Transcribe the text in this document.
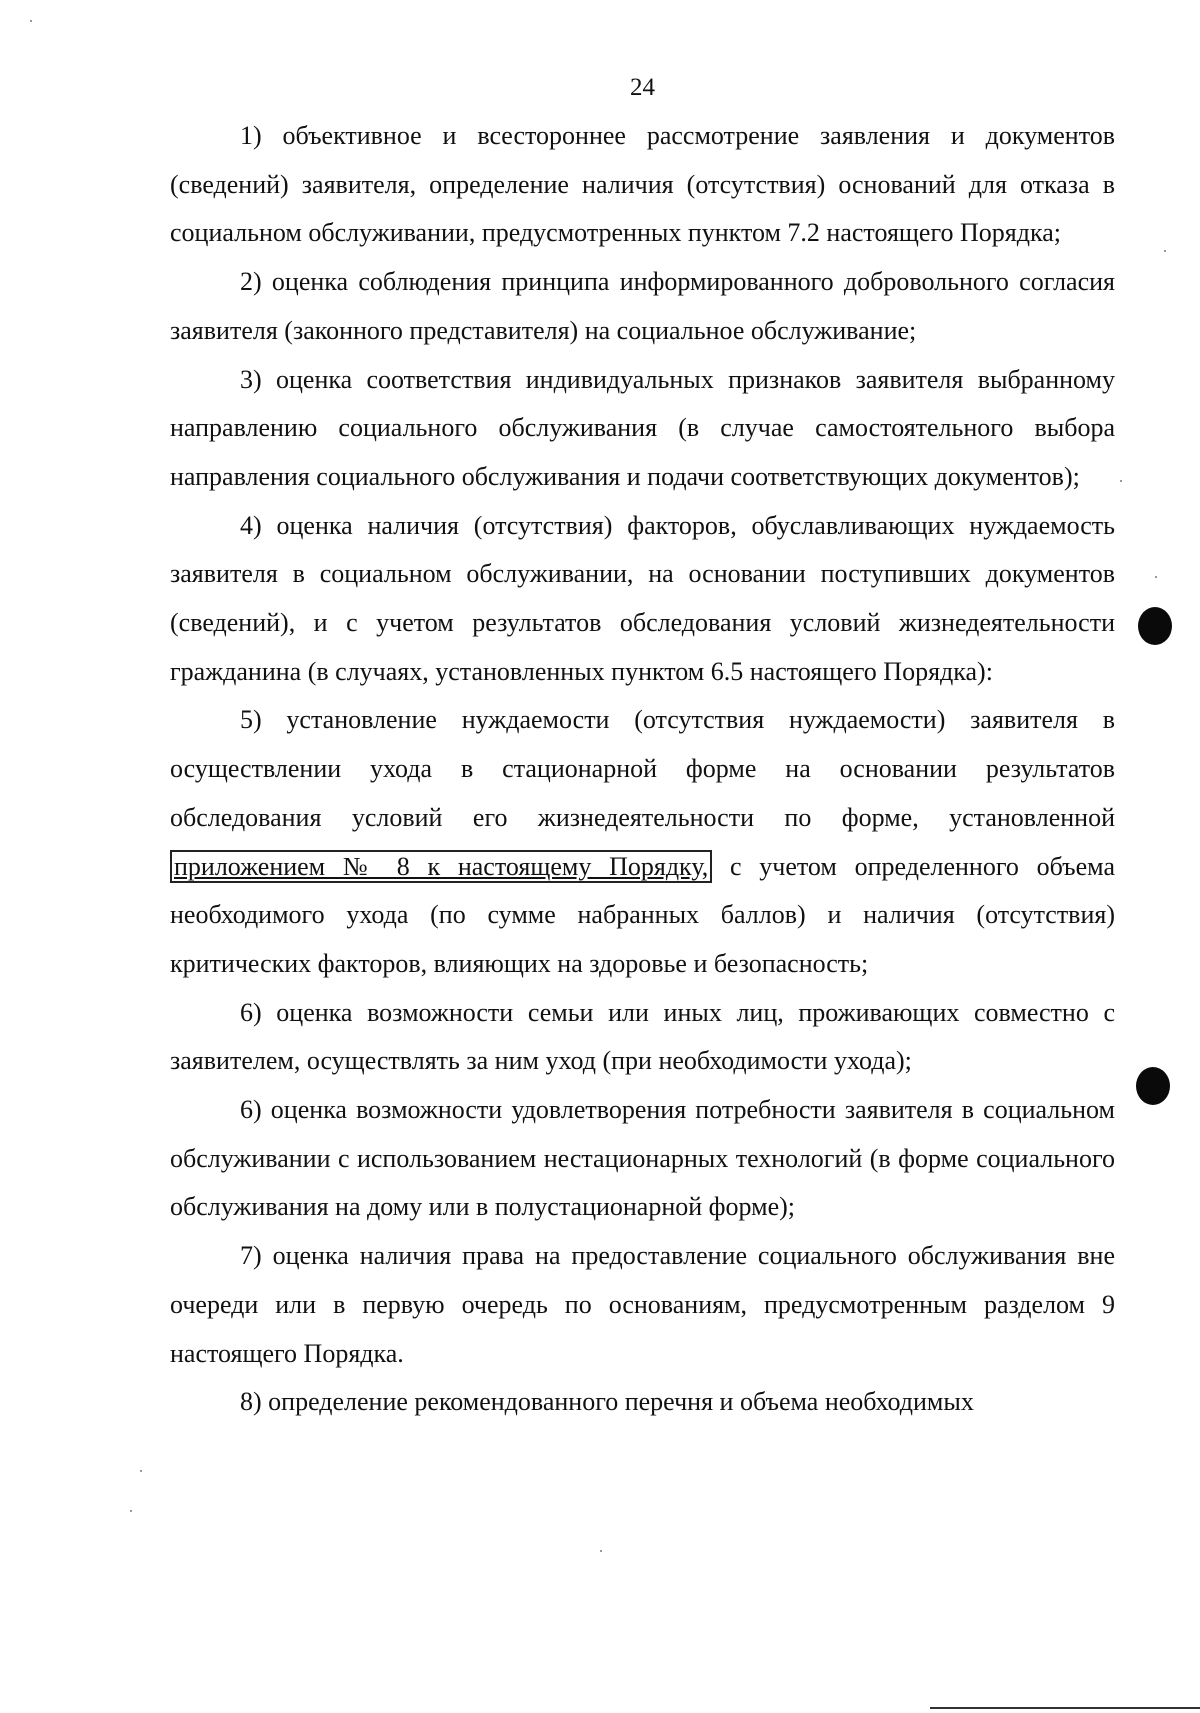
24

1) объективное и всестороннее рассмотрение заявления и документов (сведений) заявителя, определение наличия (отсутствия) оснований для отказа в социальном обслуживании, предусмотренных пунктом 7.2 настоящего Порядка;

2) оценка соблюдения принципа информированного добровольного согласия заявителя (законного представителя) на социальное обслуживание;

3) оценка соответствия индивидуальных признаков заявителя выбранному направлению социального обслуживания (в случае самостоятельного выбора направления социального обслуживания и подачи соответствующих документов);

4) оценка наличия (отсутствия) факторов, обуславливающих нуждаемость заявителя в социальном обслуживании, на основании поступивших документов (сведений), и с учетом результатов обследования условий жизнедеятельности гражданина (в случаях, установленных пунктом 6.5 настоящего Порядка):

5) установление нуждаемости (отсутствия нуждаемости) заявителя в осуществлении ухода в стационарной форме на основании результатов обследования условий его жизнедеятельности по форме, установленной приложением № 8 к настоящему Порядку, с учетом определенного объема необходимого ухода (по сумме набранных баллов) и наличия (отсутствия) критических факторов, влияющих на здоровье и безопасность;

6) оценка возможности семьи или иных лиц, проживающих совместно с заявителем, осуществлять за ним уход (при необходимости ухода);

6) оценка возможности удовлетворения потребности заявителя в социальном обслуживании с использованием нестационарных технологий (в форме социального обслуживания на дому или в полустационарной форме);

7) оценка наличия права на предоставление социального обслуживания вне очереди или в первую очередь по основаниям, предусмотренным разделом 9 настоящего Порядка.

8) определение рекомендованного перечня и объема необходимых
